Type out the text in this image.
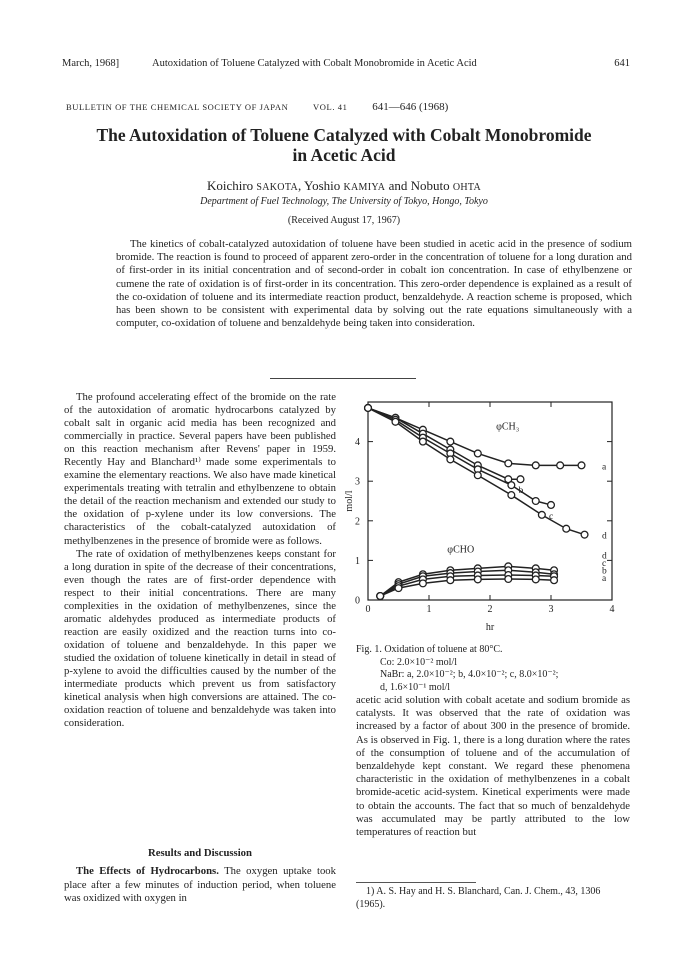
March, 1968]	Autoxidation of Toluene Catalyzed with Cobalt Monobromide in Acetic Acid	641
BULLETIN OF THE CHEMICAL SOCIETY OF JAPAN	VOL. 41 641—646 (1968)
The Autoxidation of Toluene Catalyzed with Cobalt Monobromide
in Acetic Acid
Koichiro SAKOTA, Yoshio KAMIYA and Nobuto OHTA
Department of Fuel Technology, The University of Tokyo, Hongo, Tokyo
(Received August 17, 1967)
The kinetics of cobalt-catalyzed autoxidation of toluene have been studied in acetic acid in the presence of sodium bromide. The reaction is found to proceed of apparent zero-order in the concentration of toluene for a long duration and of first-order in its initial concentration and of second-order in cobalt ion concentration. In case of ethylbenzene or cumene the rate of oxidation is of first-order in its concentration. This zero-order dependence is explained as a result of the co-oxidation of toluene and its intermediate reaction product, benzaldehyde. A reaction scheme is proposed, which has been shown to be consistent with experimental data by solving out the rate equations simultaneously with a computer, co-oxidation of toluene and benzaldehyde being taken into consideration.

The profound accelerating effect of the bromide on the rate of the autoxidation of aromatic hydrocarbons catalyzed by cobalt salt in organic acid media has been recognized and commercially in practice. Several papers have been published on this reaction mechanism after Revens' paper in 1959. Recently Hay and Blanchard¹⁾ made some experimentals to examine the elementary reactions. We also have made kinetical experimentals treating with tetralin and ethylbenzene to obtain the detail of the reaction mechanism and extended our study to the oxidation of p-xylene under its low conversions. The characteristics of the cobalt-catalyzed autoxidation of methylbenzenes in the presence of bromide were as follows.

The rate of oxidation of methylbenzenes keeps constant for a long duration in spite of the decrease of their concentrations, even though the rates are of first-order dependence with respect to their initial concentrations. There are many complexities in the oxidation of methylbenzenes, since the aromatic aldehydes produced as intermediate products of reaction are easily oxidized and the reaction turns into co-oxidation of toluene and benzaldehyde. In this paper we studied the oxidation of toluene kinetically in detail in stead of p-xylene to avoid the difficulties caused by the number of the intermediate products which prevent us from satisfactory kinetical analysis when high conversions are attained. The co-oxidation reaction of toluene and benzaldehyde was taken into consideration.

Results and Discussion

The Effects of Hydrocarbons. The oxygen uptake took place after a few minutes of induction period, when toluene was oxidized with oxygen in

0	1	2	3	4
0
1
2
3
4
hr
mol/l
φCH₃
φCHO
a
b
c
d
d
c
b
a
Fig. 1. Oxidation of toluene at 80°C.
Co: 2.0×10⁻² mol/l
NaBr: a, 2.0×10⁻²; b, 4.0×10⁻²; c, 8.0×10⁻²;
d, 1.6×10⁻¹ mol/l

acetic acid solution with cobalt acetate and sodium bromide as catalysts. It was observed that the rate of oxidation was increased by a factor of about 300 in the presence of bromide. As is observed in Fig. 1, there is a long duration where the rates of the consumption of toluene and of the accumulation of benzaldehyde kept constant. We regard these phenomena characteristic in the oxidation of methylbenzenes in a cobalt bromide-acetic acid-system. Kinetical experiments were made to obtain the accounts. The fact that so much of benzaldehyde was accumulated may be partly attributed to the low temperatures of reaction but

1) A. S. Hay and H. S. Blanchard, Can. J. Chem., 43, 1306 (1965).
